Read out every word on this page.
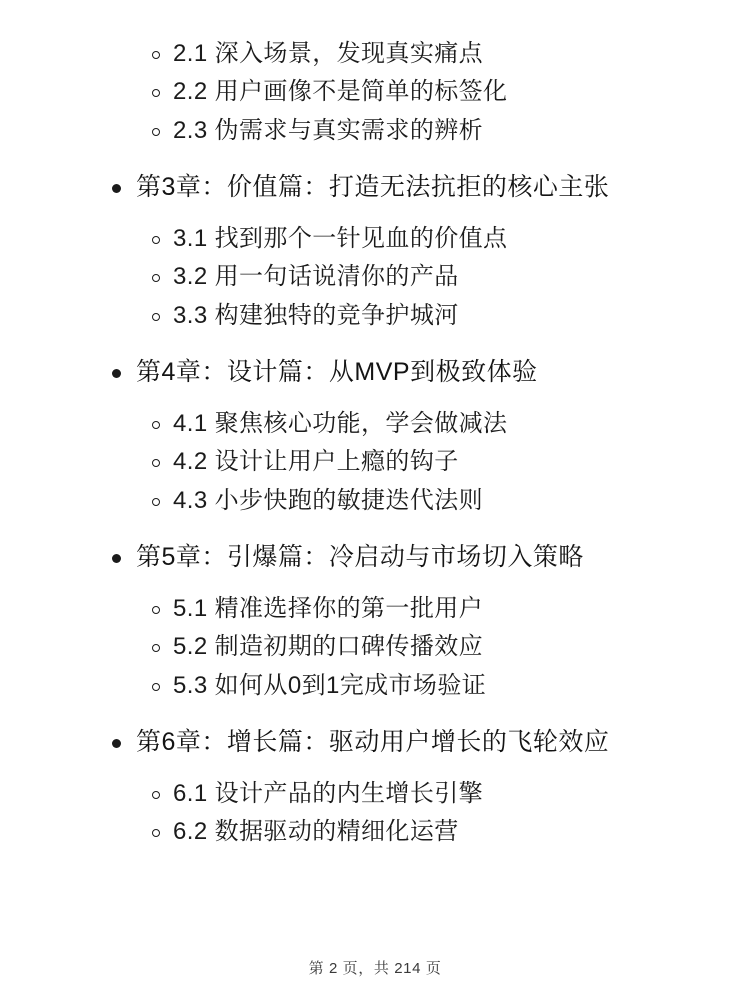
2.1 深入场景，发现真实痛点
2.2 用户画像不是简单的标签化
2.3 伪需求与真实需求的辨析
第3章：价值篇：打造无法抗拒的核心主张
3.1 找到那个一针见血的价值点
3.2 用一句话说清你的产品
3.3 构建独特的竞争护城河
第4章：设计篇：从MVP到极致体验
4.1 聚焦核心功能，学会做减法
4.2 设计让用户上瘾的钩子
4.3 小步快跑的敏捷迭代法则
第5章：引爆篇：冷启动与市场切入策略
5.1 精准选择你的第一批用户
5.2 制造初期的口碑传播效应
5.3 如何从0到1完成市场验证
第6章：增长篇：驱动用户增长的飞轮效应
6.1 设计产品的内生增长引擎
6.2 数据驱动的精细化运营
第 2 页，共 214 页
